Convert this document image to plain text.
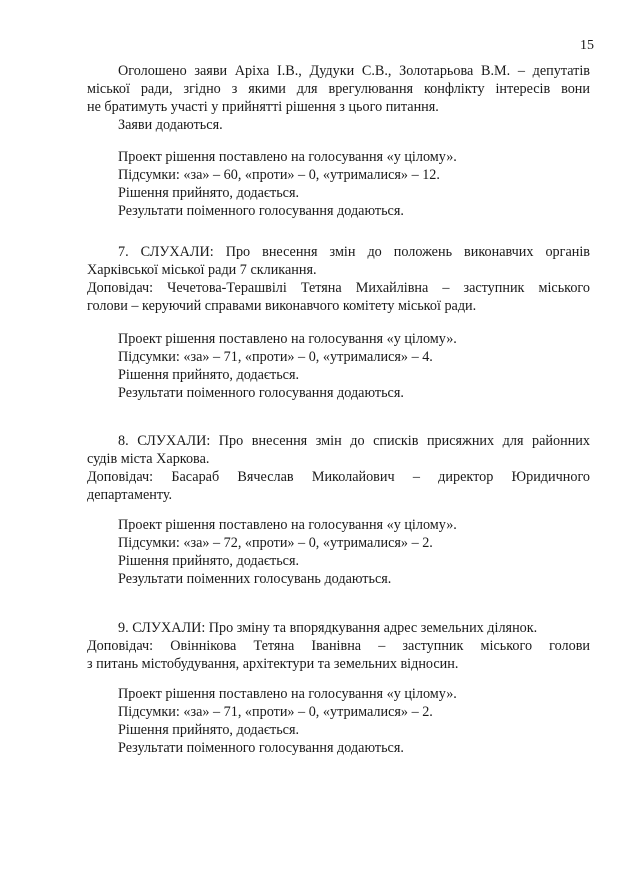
15
Оголошено заяви Аріха І.В., Дудуки С.В., Золотарьова В.М. – депутатів
міської ради, згідно з якими для врегулювання конфлікту інтересів вони
не братимуть участі у прийнятті рішення з цього питання.
Заяви додаються.
Проект рішення поставлено на голосування «у цілому».
Підсумки: «за» – 60, «проти» – 0, «утрималися» – 12.
Рішення прийнято, додається.
Результати поіменного голосування додаються.
7. СЛУХАЛИ: Про внесення змін до положень виконавчих органів
Харківської міської ради 7 скликання.
Доповідач: Чечетова-Терашвілі Тетяна Михайлівна – заступник міського
голови – керуючий справами виконавчого комітету міської ради.
Проект рішення поставлено на голосування «у цілому».
Підсумки: «за» – 71, «проти» – 0, «утрималися» – 4.
Рішення прийнято, додається.
Результати поіменного голосування додаються.
8. СЛУХАЛИ: Про внесення змін до списків присяжних для районних
судів міста Харкова.
Доповідач: Басараб Вячеслав Миколайович – директор Юридичного
департаменту.
Проект рішення поставлено на голосування «у цілому».
Підсумки: «за» – 72, «проти» – 0, «утрималися» – 2.
Рішення прийнято, додається.
Результати поіменних голосувань додаються.
9. СЛУХАЛИ: Про зміну та впорядкування адрес земельних ділянок.
Доповідач: Овіннікова Тетяна Іванівна – заступник міського голови
з питань містобудування, архітектури та земельних відносин.
Проект рішення поставлено на голосування «у цілому».
Підсумки: «за» – 71, «проти» – 0, «утрималися» – 2.
Рішення прийнято, додається.
Результати поіменного голосування додаються.
